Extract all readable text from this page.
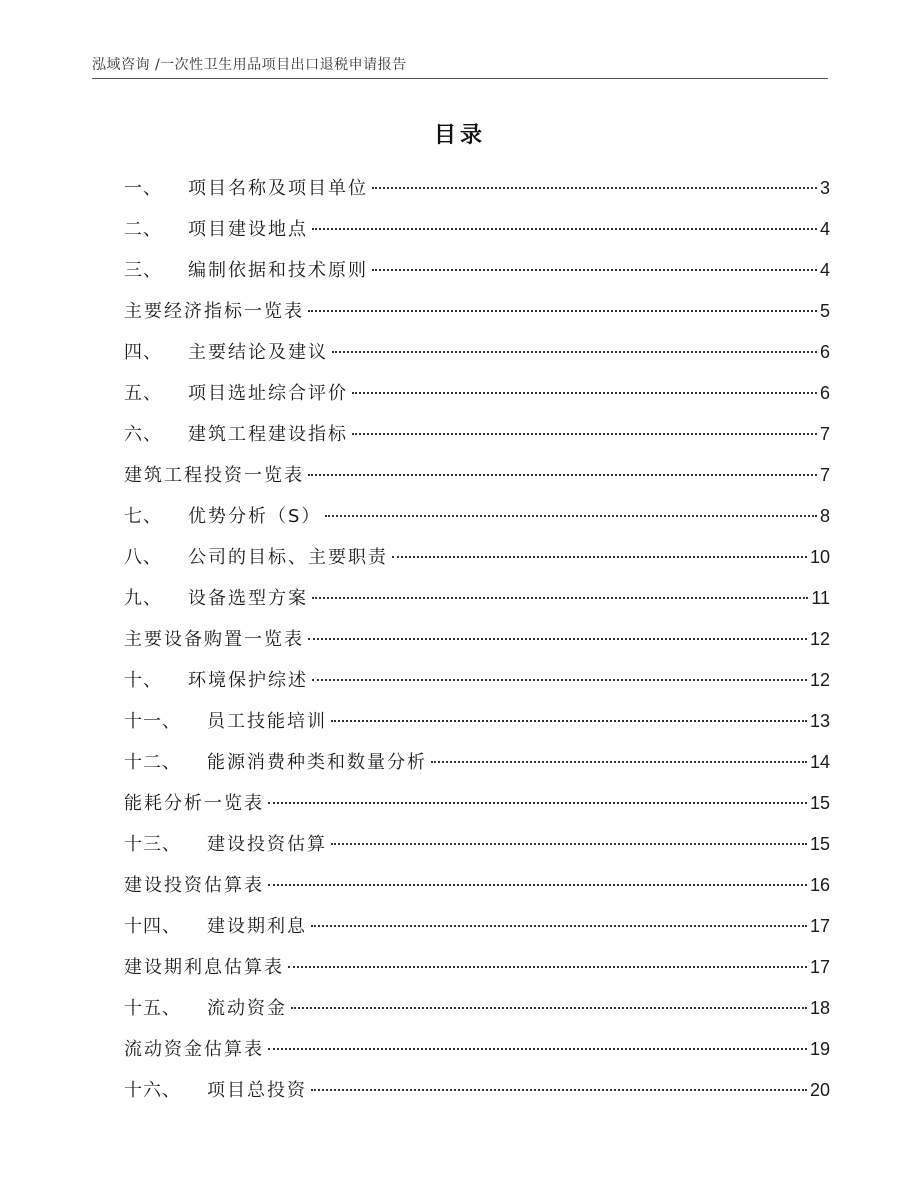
泓域咨询 /一次性卫生用品项目出口退税申请报告
目录
一、 项目名称及项目单位	3
二、 项目建设地点	4
三、 编制依据和技术原则	4
主要经济指标一览表	5
四、 主要结论及建议	6
五、 项目选址综合评价	6
六、 建筑工程建设指标	7
建筑工程投资一览表	7
七、 优势分析（S）	8
八、 公司的目标、主要职责	10
九、 设备选型方案	11
主要设备购置一览表	12
十、 环境保护综述	12
十一、 员工技能培训	13
十二、 能源消费种类和数量分析	14
能耗分析一览表	15
十三、 建设投资估算	15
建设投资估算表	16
十四、 建设期利息	17
建设期利息估算表	17
十五、 流动资金	18
流动资金估算表	19
十六、 项目总投资	20
